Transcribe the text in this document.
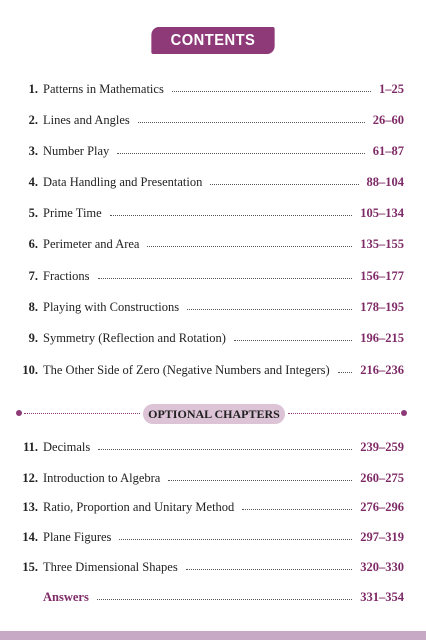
CONTENTS
1. Patterns in Mathematics	1–25
2. Lines and Angles	26–60
3. Number Play	61–87
4. Data Handling and Presentation	88–104
5. Prime Time	105–134
6. Perimeter and Area	135–155
7. Fractions	156–177
8. Playing with Constructions	178–195
9. Symmetry (Reflection and Rotation)	196–215
10. The Other Side of Zero (Negative Numbers and Integers) 216–236
OPTIONAL CHAPTERS
11. Decimals	239–259
12. Introduction to Algebra	260–275
13. Ratio, Proportion and Unitary Method	276–296
14. Plane Figures	297–319
15. Three Dimensional Shapes	320–330
Answers	331–354
